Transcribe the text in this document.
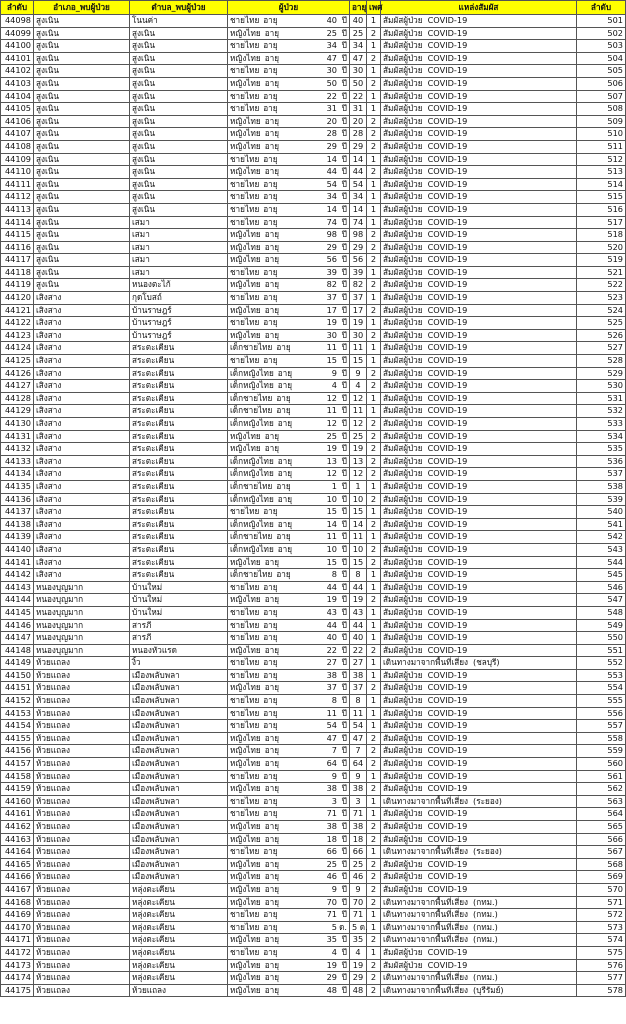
ลำดับ	อำเภอ_พบผู้ป่วย	ตำบล_พบผู้ป่วย	ผู้ป่วย	อายุ	เพศ	แหล่งสัมผัส	ลำดับ
44098	สูงเนิน	โนนค่า	ชายไทย อายุ 40 ปี	40	1	สัมผัสผู้ป่วย COVID-19	501
44099	สูงเนิน	สูงเนิน	หญิงไทย อายุ 25 ปี	25	2	สัมผัสผู้ป่วย COVID-19	502
44100	สูงเนิน	สูงเนิน	ชายไทย อายุ 34 ปี	34	1	สัมผัสผู้ป่วย COVID-19	503
44101	สูงเนิน	สูงเนิน	หญิงไทย อายุ 47 ปี	47	2	สัมผัสผู้ป่วย COVID-19	504
44102	สูงเนิน	สูงเนิน	ชายไทย อายุ 30 ปี	30	1	สัมผัสผู้ป่วย COVID-19	505
44103	สูงเนิน	สูงเนิน	หญิงไทย อายุ 50 ปี	50	2	สัมผัสผู้ป่วย COVID-19	506
44104	สูงเนิน	สูงเนิน	ชายไทย อายุ 22 ปี	22	1	สัมผัสผู้ป่วย COVID-19	507
44105	สูงเนิน	สูงเนิน	ชายไทย อายุ 31 ปี	31	1	สัมผัสผู้ป่วย COVID-19	508
44106	สูงเนิน	สูงเนิน	หญิงไทย อายุ 20 ปี	20	2	สัมผัสผู้ป่วย COVID-19	509
44107	สูงเนิน	สูงเนิน	หญิงไทย อายุ 28 ปี	28	2	สัมผัสผู้ป่วย COVID-19	510
44108	สูงเนิน	สูงเนิน	หญิงไทย อายุ 29 ปี	29	2	สัมผัสผู้ป่วย COVID-19	511
44109	สูงเนิน	สูงเนิน	ชายไทย อายุ 14 ปี	14	1	สัมผัสผู้ป่วย COVID-19	512
44110	สูงเนิน	สูงเนิน	หญิงไทย อายุ 44 ปี	44	2	สัมผัสผู้ป่วย COVID-19	513
44111	สูงเนิน	สูงเนิน	ชายไทย อายุ 54 ปี	54	1	สัมผัสผู้ป่วย COVID-19	514
44112	สูงเนิน	สูงเนิน	ชายไทย อายุ 34 ปี	34	1	สัมผัสผู้ป่วย COVID-19	515
44113	สูงเนิน	สูงเนิน	ชายไทย อายุ 14 ปี	14	1	สัมผัสผู้ป่วย COVID-19	516
44114	สูงเนิน	เสมา	ชายไทย อายุ 74 ปี	74	1	สัมผัสผู้ป่วย COVID-19	517
44115	สูงเนิน	เสมา	หญิงไทย อายุ 98 ปี	98	2	สัมผัสผู้ป่วย COVID-19	518
44116	สูงเนิน	เสมา	หญิงไทย อายุ 29 ปี	29	2	สัมผัสผู้ป่วย COVID-19	520
44117	สูงเนิน	เสมา	หญิงไทย อายุ 56 ปี	56	2	สัมผัสผู้ป่วย COVID-19	519
44118	สูงเนิน	เสมา	ชายไทย อายุ 39 ปี	39	1	สัมผัสผู้ป่วย COVID-19	521
44119	สูงเนิน	หนองตะไก้	หญิงไทย อายุ 82 ปี	82	2	สัมผัสผู้ป่วย COVID-19	522
44120	เสิงสาง	กุดโบสถ์	ชายไทย อายุ 37 ปี	37	1	สัมผัสผู้ป่วย COVID-19	523
44121	เสิงสาง	บ้านราษฎร์	หญิงไทย อายุ 17 ปี	17	2	สัมผัสผู้ป่วย COVID-19	524
44122	เสิงสาง	บ้านราษฎร์	ชายไทย อายุ 19 ปี	19	1	สัมผัสผู้ป่วย COVID-19	525
44123	เสิงสาง	บ้านราษฎร์	หญิงไทย อายุ 30 ปี	30	2	สัมผัสผู้ป่วย COVID-19	526
44124	เสิงสาง	สระตะเคียน	เด็กชายไทย อายุ 11 ปี	11	1	สัมผัสผู้ป่วย COVID-19	527
44125	เสิงสาง	สระตะเคียน	ชายไทย อายุ 15 ปี	15	1	สัมผัสผู้ป่วย COVID-19	528
44126	เสิงสาง	สระตะเคียน	เด็กหญิงไทย อายุ 9 ปี	9	2	สัมผัสผู้ป่วย COVID-19	529
44127	เสิงสาง	สระตะเคียน	เด็กหญิงไทย อายุ 4 ปี	4	2	สัมผัสผู้ป่วย COVID-19	530
44128	เสิงสาง	สระตะเคียน	เด็กชายไทย อายุ 12 ปี	12	1	สัมผัสผู้ป่วย COVID-19	531
44129	เสิงสาง	สระตะเคียน	เด็กชายไทย อายุ 11 ปี	11	1	สัมผัสผู้ป่วย COVID-19	532
44130	เสิงสาง	สระตะเคียน	เด็กหญิงไทย อายุ 12 ปี	12	2	สัมผัสผู้ป่วย COVID-19	533
44131	เสิงสาง	สระตะเคียน	หญิงไทย อายุ 25 ปี	25	2	สัมผัสผู้ป่วย COVID-19	534
44132	เสิงสาง	สระตะเคียน	หญิงไทย อายุ 19 ปี	19	2	สัมผัสผู้ป่วย COVID-19	535
44133	เสิงสาง	สระตะเคียน	เด็กหญิงไทย อายุ 13 ปี	13	2	สัมผัสผู้ป่วย COVID-19	536
44134	เสิงสาง	สระตะเคียน	เด็กหญิงไทย อายุ 12 ปี	12	2	สัมผัสผู้ป่วย COVID-19	537
44135	เสิงสาง	สระตะเคียน	เด็กชายไทย อายุ 1 ปี	1	1	สัมผัสผู้ป่วย COVID-19	538
44136	เสิงสาง	สระตะเคียน	เด็กหญิงไทย อายุ 10 ปี	10	2	สัมผัสผู้ป่วย COVID-19	539
44137	เสิงสาง	สระตะเคียน	ชายไทย อายุ 15 ปี	15	1	สัมผัสผู้ป่วย COVID-19	540
44138	เสิงสาง	สระตะเคียน	เด็กหญิงไทย อายุ 14 ปี	14	2	สัมผัสผู้ป่วย COVID-19	541
44139	เสิงสาง	สระตะเคียน	เด็กชายไทย อายุ 11 ปี	11	1	สัมผัสผู้ป่วย COVID-19	542
44140	เสิงสาง	สระตะเคียน	เด็กหญิงไทย อายุ 10 ปี	10	2	สัมผัสผู้ป่วย COVID-19	543
44141	เสิงสาง	สระตะเคียน	หญิงไทย อายุ 15 ปี	15	2	สัมผัสผู้ป่วย COVID-19	544
44142	เสิงสาง	สระตะเคียน	เด็กชายไทย อายุ 8 ปี	8	1	สัมผัสผู้ป่วย COVID-19	545
44143	หนองบุญมาก	บ้านใหม่	ชายไทย อายุ 44 ปี	44	1	สัมผัสผู้ป่วย COVID-19	546
44144	หนองบุญมาก	บ้านใหม่	หญิงไทย อายุ 19 ปี	19	2	สัมผัสผู้ป่วย COVID-19	547
44145	หนองบุญมาก	บ้านใหม่	ชายไทย อายุ 43 ปี	43	1	สัมผัสผู้ป่วย COVID-19	548
44146	หนองบุญมาก	สารภี	ชายไทย อายุ 44 ปี	44	1	สัมผัสผู้ป่วย COVID-19	549
44147	หนองบุญมาก	สารภี	ชายไทย อายุ 40 ปี	40	1	สัมผัสผู้ป่วย COVID-19	550
44148	หนองบุญมาก	หนองหัวแรด	หญิงไทย อายุ 22 ปี	22	2	สัมผัสผู้ป่วย COVID-19	551
44149	ห้วยแถลง	งิ้ว	ชายไทย อายุ 27 ปี	27	1	เดินทางมาจากพื้นที่เสี่ยง (ชลบุรี)	552
44150	ห้วยแถลง	เมืองพลับพลา	ชายไทย อายุ 38 ปี	38	1	สัมผัสผู้ป่วย COVID-19	553
44151	ห้วยแถลง	เมืองพลับพลา	หญิงไทย อายุ 37 ปี	37	2	สัมผัสผู้ป่วย COVID-19	554
44152	ห้วยแถลง	เมืองพลับพลา	ชายไทย อายุ 8 ปี	8	1	สัมผัสผู้ป่วย COVID-19	555
44153	ห้วยแถลง	เมืองพลับพลา	ชายไทย อายุ 11 ปี	11	1	สัมผัสผู้ป่วย COVID-19	556
44154	ห้วยแถลง	เมืองพลับพลา	ชายไทย อายุ 54 ปี	54	1	สัมผัสผู้ป่วย COVID-19	557
44155	ห้วยแถลง	เมืองพลับพลา	หญิงไทย อายุ 47 ปี	47	2	สัมผัสผู้ป่วย COVID-19	558
44156	ห้วยแถลง	เมืองพลับพลา	หญิงไทย อายุ 7 ปี	7	2	สัมผัสผู้ป่วย COVID-19	559
44157	ห้วยแถลง	เมืองพลับพลา	หญิงไทย อายุ 64 ปี	64	2	สัมผัสผู้ป่วย COVID-19	560
44158	ห้วยแถลง	เมืองพลับพลา	ชายไทย อายุ 9 ปี	9	1	สัมผัสผู้ป่วย COVID-19	561
44159	ห้วยแถลง	เมืองพลับพลา	หญิงไทย อายุ 38 ปี	38	2	สัมผัสผู้ป่วย COVID-19	562
44160	ห้วยแถลง	เมืองพลับพลา	ชายไทย อายุ 3 ปี	3	1	เดินทางมาจากพื้นที่เสี่ยง (ระยอง)	563
44161	ห้วยแถลง	เมืองพลับพลา	ชายไทย อายุ 71 ปี	71	1	สัมผัสผู้ป่วย COVID-19	564
44162	ห้วยแถลง	เมืองพลับพลา	หญิงไทย อายุ 38 ปี	38	2	สัมผัสผู้ป่วย COVID-19	565
44163	ห้วยแถลง	เมืองพลับพลา	หญิงไทย อายุ 18 ปี	18	2	สัมผัสผู้ป่วย COVID-19	566
44164	ห้วยแถลง	เมืองพลับพลา	ชายไทย อายุ 66 ปี	66	1	เดินทางมาจากพื้นที่เสี่ยง (ระยอง)	567
44165	ห้วยแถลง	เมืองพลับพลา	หญิงไทย อายุ 25 ปี	25	2	สัมผัสผู้ป่วย COVID-19	568
44166	ห้วยแถลง	เมืองพลับพลา	หญิงไทย อายุ 46 ปี	46	2	สัมผัสผู้ป่วย COVID-19	569
44167	ห้วยแถลง	หลุ่งตะเคียน	หญิงไทย อายุ 9 ปี	9	2	สัมผัสผู้ป่วย COVID-19	570
44168	ห้วยแถลง	หลุ่งตะเคียน	หญิงไทย อายุ 70 ปี	70	2	เดินทางมาจากพื้นที่เสี่ยง (กทม.)	571
44169	ห้วยแถลง	หลุ่งตะเคียน	ชายไทย อายุ 71 ปี	71	1	เดินทางมาจากพื้นที่เสี่ยง (กทม.)	572
44170	ห้วยแถลง	หลุ่งตะเคียน	ชายไทย อายุ 5 ด.	5 ด.	1	เดินทางมาจากพื้นที่เสี่ยง (กทม.)	573
44171	ห้วยแถลง	หลุ่งตะเคียน	หญิงไทย อายุ 35 ปี	35	2	เดินทางมาจากพื้นที่เสี่ยง (กทม.)	574
44172	ห้วยแถลง	หลุ่งตะเคียน	ชายไทย อายุ 4 ปี	4	1	สัมผัสผู้ป่วย COVID-19	575
44173	ห้วยแถลง	หลุ่งตะเคียน	หญิงไทย อายุ 19 ปี	19	2	สัมผัสผู้ป่วย COVID-19	576
44174	ห้วยแถลง	หลุ่งตะเคียน	หญิงไทย อายุ 29 ปี	29	2	เดินทางมาจากพื้นที่เสี่ยง (กทม.)	577
44175	ห้วยแถลง	ห้วยแถลง	หญิงไทย อายุ 48 ปี	48	2	เดินทางมาจากพื้นที่เสี่ยง (บุรีรัมย์)	578
